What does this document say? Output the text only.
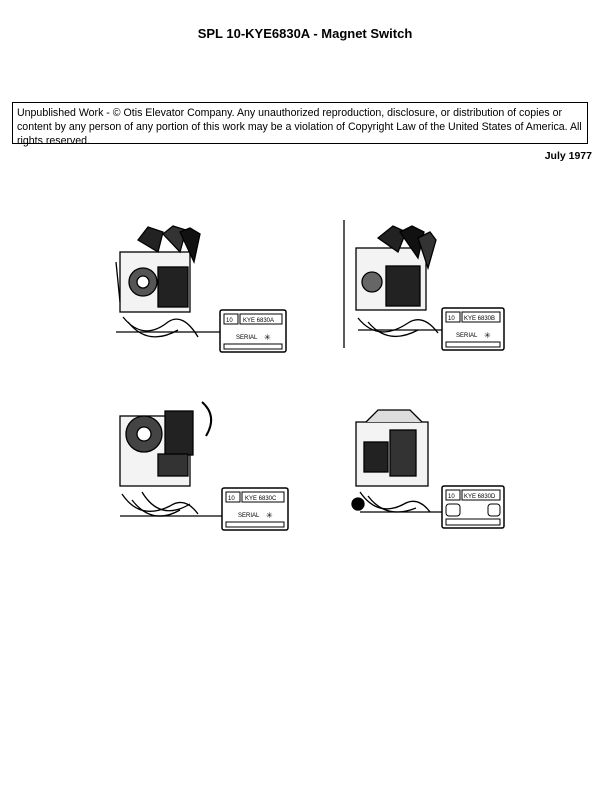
SPL 10-KYE6830A - Magnet Switch
Unpublished Work - © Otis Elevator Company. Any unauthorized reproduction, disclosure, or distribution of copies or content by any person of any portion of this work may be a violation of Copyright Law of the United States of America. All rights reserved.
July 1977
10 KYE 6830A
SERIAL ✳
10 KYE 6830B
SERIAL ✳
10 KYE 6830C
SERIAL ✳
10 KYE 6830D
